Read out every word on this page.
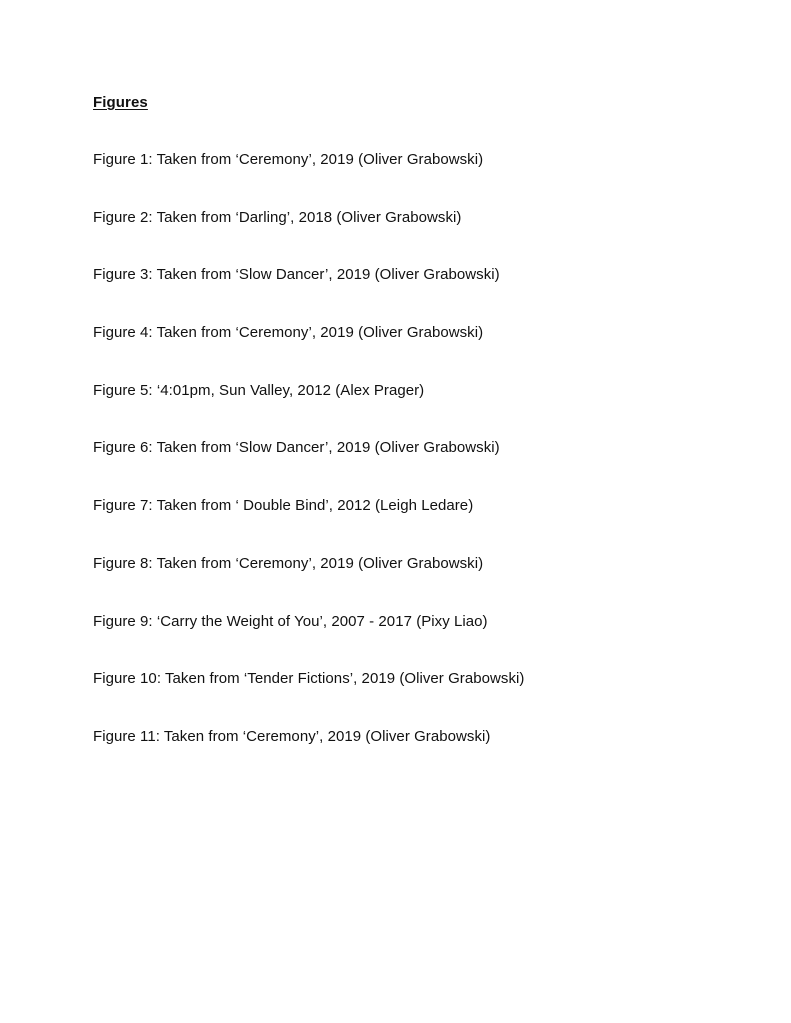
Figures
Figure 1: Taken from ‘Ceremony’, 2019 (Oliver Grabowski)
Figure 2: Taken from ‘Darling’, 2018 (Oliver Grabowski)
Figure 3: Taken from ‘Slow Dancer’, 2019 (Oliver Grabowski)
Figure 4: Taken from ‘Ceremony’, 2019 (Oliver Grabowski)
Figure 5: ‘4:01pm, Sun Valley, 2012 (Alex Prager)
Figure 6: Taken from ‘Slow Dancer’, 2019 (Oliver Grabowski)
Figure 7: Taken from ‘ Double Bind’, 2012 (Leigh Ledare)
Figure 8: Taken from ‘Ceremony’, 2019 (Oliver Grabowski)
Figure 9: ‘Carry the Weight of You’, 2007 - 2017 (Pixy Liao)
Figure 10: Taken from ‘Tender Fictions’, 2019 (Oliver Grabowski)
Figure 11: Taken from ‘Ceremony’, 2019 (Oliver Grabowski)
